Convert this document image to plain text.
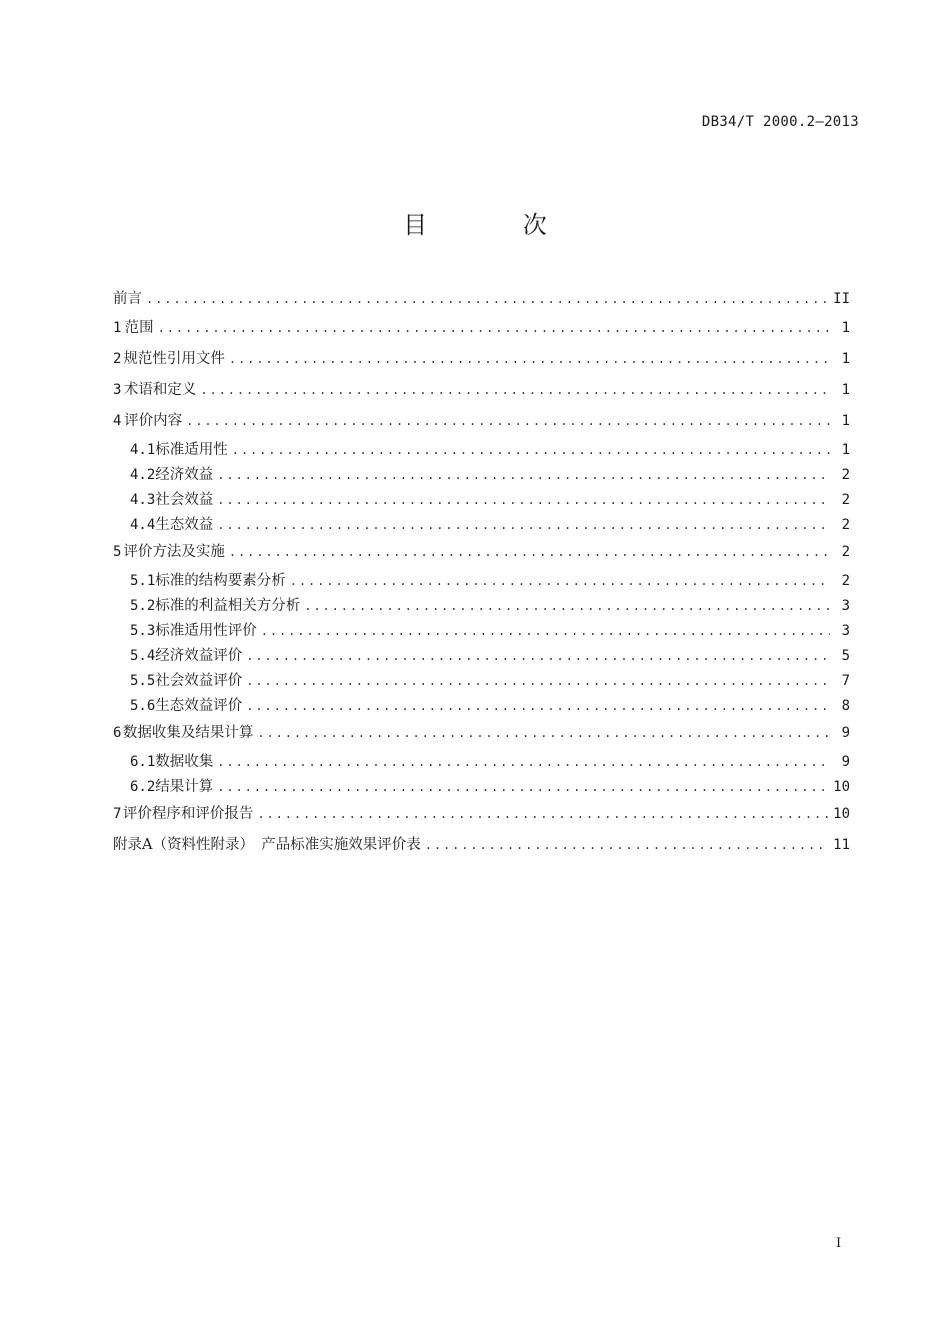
DB34/T 2000.2—2013
目 次
前言 .....	II
1 范围 .....	1
2 规范性引用文件 .....	1
3 术语和定义 .....	1
4 评价内容 .....	1
4.1 标准适用性 .....	1
4.2 经济效益 .....	2
4.3 社会效益 .....	2
4.4 生态效益 .....	2
5 评价方法及实施 .....	2
5.1 标准的结构要素分析 .....	2
5.2 标准的利益相关方分析 .....	3
5.3 标准适用性评价 .....	3
5.4 经济效益评价 .....	5
5.5 社会效益评价 .....	7
5.6 生态效益评价 .....	8
6 数据收集及结果计算 .....	9
6.1 数据收集 .....	9
6.2 结果计算 .....	10
7 评价程序和评价报告 .....	10
附录A（资料性附录）　产品标准实施效果评价表 .....	11
I
